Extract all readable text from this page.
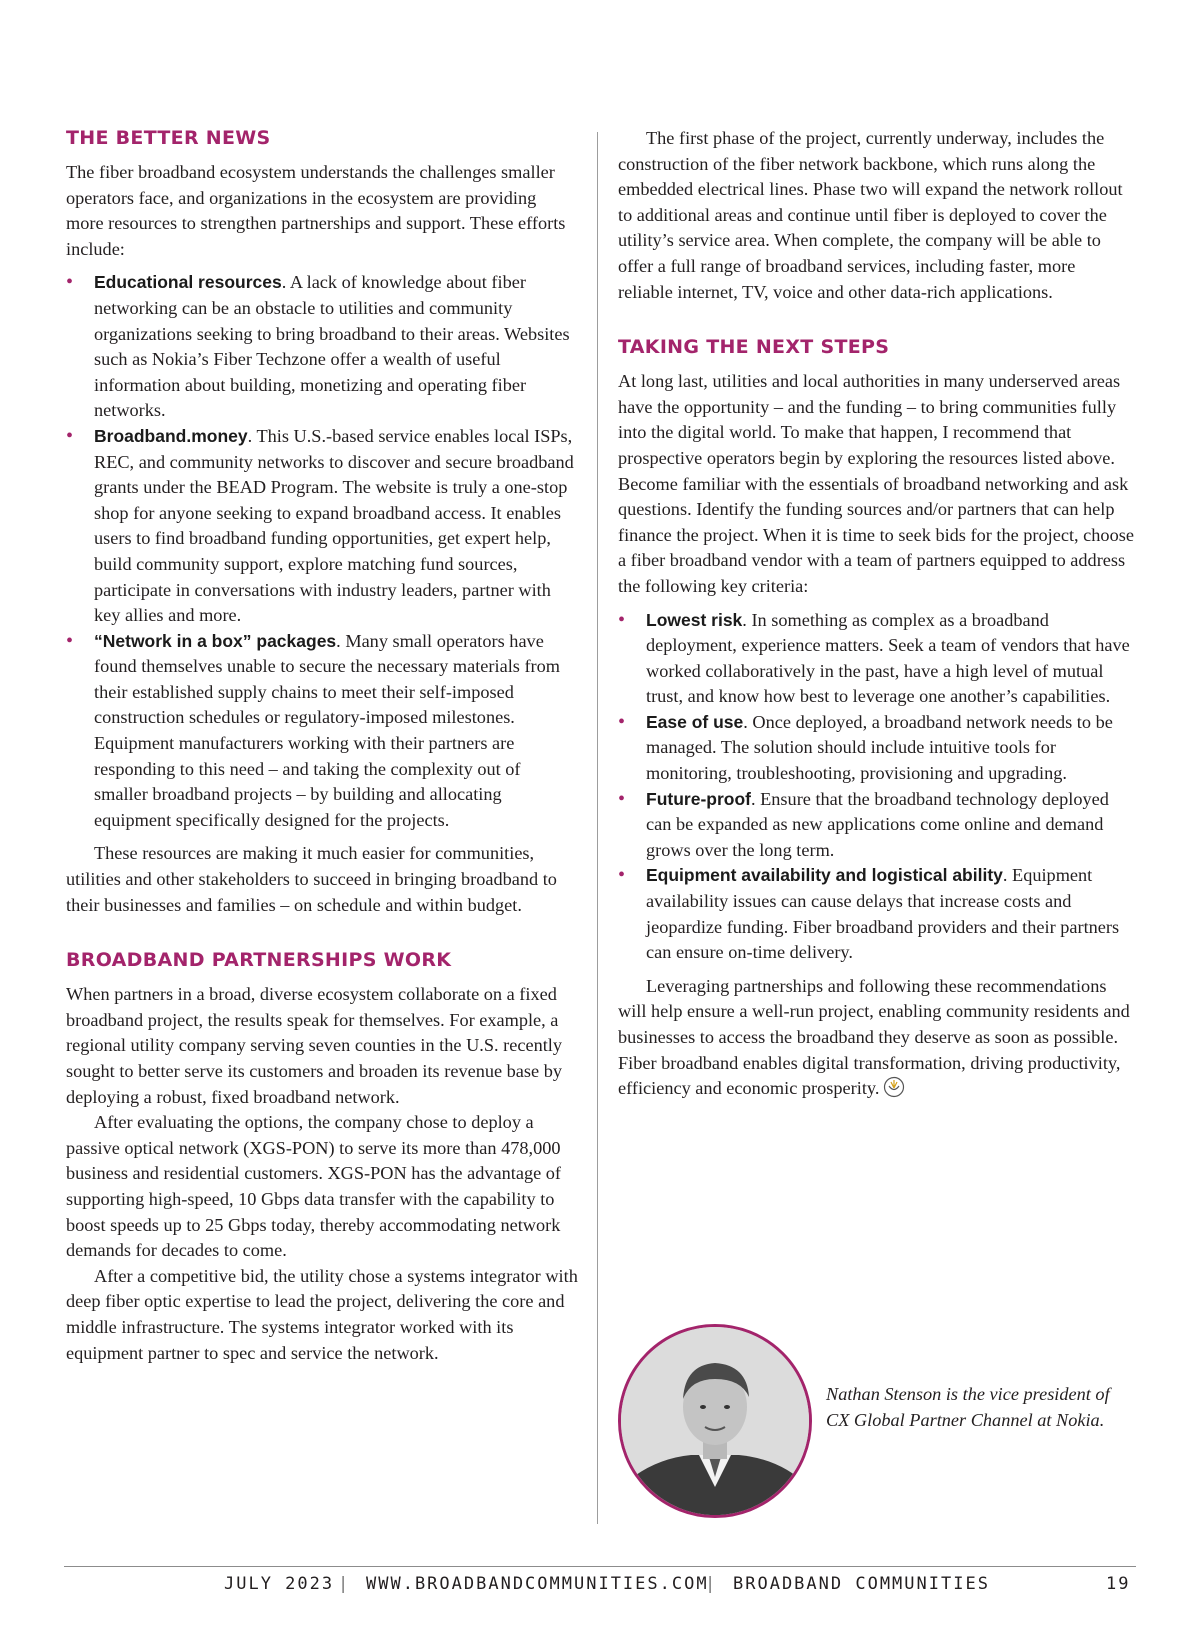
THE BETTER NEWS

The fiber broadband ecosystem understands the challenges smaller operators face, and organizations in the ecosystem are providing more resources to strengthen partnerships and support. These efforts include:

• Educational resources. A lack of knowledge about fiber networking can be an obstacle to utilities and community organizations seeking to bring broadband to their areas. Websites such as Nokia’s Fiber Techzone offer a wealth of useful information about building, monetizing and operating fiber networks.
• Broadband.money. This U.S.-based service enables local ISPs, REC, and community networks to discover and secure broadband grants under the BEAD Program. The website is truly a one-stop shop for anyone seeking to expand broadband access. It enables users to find broadband funding opportunities, get expert help, build community support, explore matching fund sources, participate in conversations with industry leaders, partner with key allies and more.
• “Network in a box” packages. Many small operators have found themselves unable to secure the necessary materials from their established supply chains to meet their self-imposed construction schedules or regulatory-imposed milestones. Equipment manufacturers working with their partners are responding to this need – and taking the complexity out of smaller broadband projects – by building and allocating equipment specifically designed for the projects.

These resources are making it much easier for communities, utilities and other stakeholders to succeed in bringing broadband to their businesses and families – on schedule and within budget.

BROADBAND PARTNERSHIPS WORK

When partners in a broad, diverse ecosystem collaborate on a fixed broadband project, the results speak for themselves. For example, a regional utility company serving seven counties in the U.S. recently sought to better serve its customers and broaden its revenue base by deploying a robust, fixed broadband network.

After evaluating the options, the company chose to deploy a passive optical network (XGS-PON) to serve its more than 478,000 business and residential customers. XGS-PON has the advantage of supporting high-speed, 10 Gbps data transfer with the capability to boost speeds up to 25 Gbps today, thereby accommodating network demands for decades to come.

After a competitive bid, the utility chose a systems integrator with deep fiber optic expertise to lead the project, delivering the core and middle infrastructure. The systems integrator worked with its equipment partner to spec and service the network.

The first phase of the project, currently underway, includes the construction of the fiber network backbone, which runs along the embedded electrical lines. Phase two will expand the network rollout to additional areas and continue until fiber is deployed to cover the utility’s service area. When complete, the company will be able to offer a full range of broadband services, including faster, more reliable internet, TV, voice and other data-rich applications.

TAKING THE NEXT STEPS

At long last, utilities and local authorities in many underserved areas have the opportunity – and the funding – to bring communities fully into the digital world. To make that happen, I recommend that prospective operators begin by exploring the resources listed above. Become familiar with the essentials of broadband networking and ask questions. Identify the funding sources and/or partners that can help finance the project. When it is time to seek bids for the project, choose a fiber broadband vendor with a team of partners equipped to address the following key criteria:

• Lowest risk. In something as complex as a broadband deployment, experience matters. Seek a team of vendors that have worked collaboratively in the past, have a high level of mutual trust, and know how best to leverage one another’s capabilities.
• Ease of use. Once deployed, a broadband network needs to be managed. The solution should include intuitive tools for monitoring, troubleshooting, provisioning and upgrading.
• Future-proof. Ensure that the broadband technology deployed can be expanded as new applications come online and demand grows over the long term.
• Equipment availability and logistical ability. Equipment availability issues can cause delays that increase costs and jeopardize funding. Fiber broadband providers and their partners can ensure on-time delivery.

Leveraging partnerships and following these recommendations will help ensure a well-run project, enabling community residents and businesses to access the broadband they deserve as soon as possible. Fiber broadband enables digital transformation, driving productivity, efficiency and economic prosperity.

Nathan Stenson is the vice president of CX Global Partner Channel at Nokia.
JULY 2023 | WWW.BROADBANDCOMMUNITIES.COM
| BROADBAND COMMUNITIES	19
